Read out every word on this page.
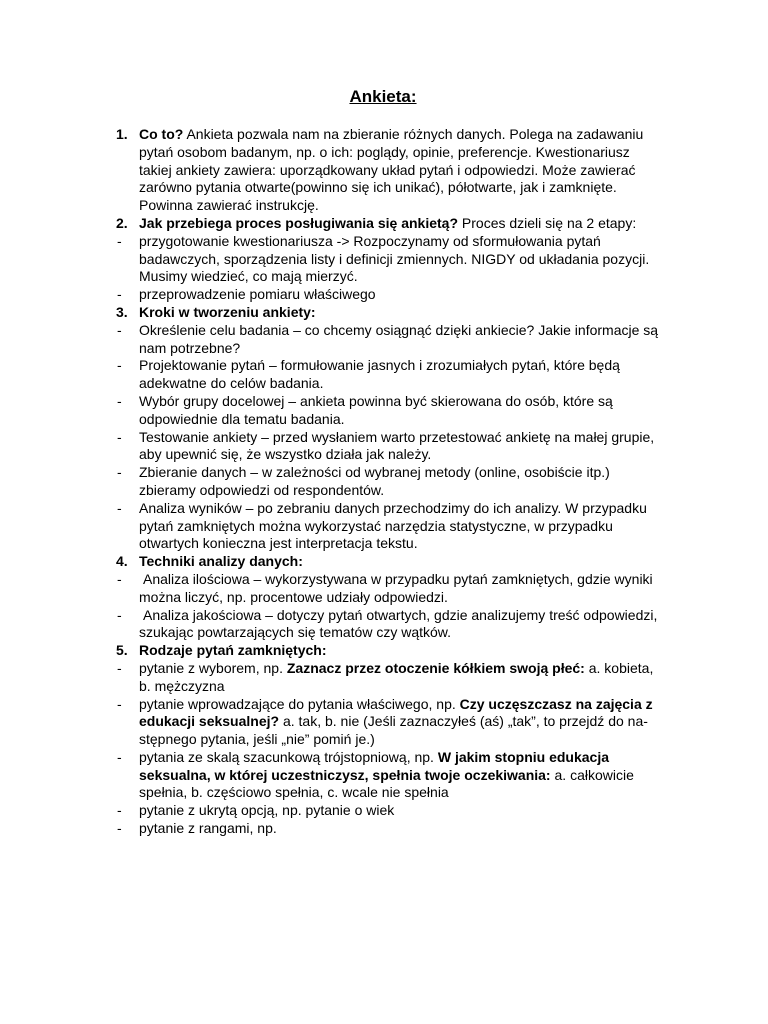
Ankieta:
1. Co to? Ankieta pozwala nam na zbieranie różnych danych. Polega na zadawaniu pytań osobom badanym, np. o ich: poglądy, opinie, preferencje. Kwestionariusz takiej ankiety zawiera: uporządkowany układ pytań i odpowiedzi. Może zawierać zarówno pytania otwarte(powinno się ich unikać), półotwarte, jak i zamknięte. Powinna zawierać instrukcję.
2. Jak przebiega proces posługiwania się ankietą? Proces dzieli się na 2 etapy:
- przygotowanie kwestionariusza -> Rozpoczynamy od sformułowania pytań badawczych, sporządzenia listy i definicji zmiennych. NIGDY od układania pozycji. Musimy wiedzieć, co mają mierzyć.
- przeprowadzenie pomiaru właściwego
3. Kroki w tworzeniu ankiety:
- Określenie celu badania – co chcemy osiągnąć dzięki ankiecie? Jakie informacje są nam potrzebne?
- Projektowanie pytań – formułowanie jasnych i zrozumiałych pytań, które będą adekwatne do celów badania.
- Wybór grupy docelowej – ankieta powinna być skierowana do osób, które są odpowiednie dla tematu badania.
- Testowanie ankiety – przed wysłaniem warto przetestować ankietę na małej grupie, aby upewnić się, że wszystko działa jak należy.
- Zbieranie danych – w zależności od wybranej metody (online, osobiście itp.) zbieramy odpowiedzi od respondentów.
- Analiza wyników – po zebraniu danych przechodzimy do ich analizy. W przypadku pytań zamkniętych można wykorzystać narzędzia statystyczne, w przypadku otwartych konieczna jest interpretacja tekstu.
4. Techniki analizy danych:
- Analiza ilościowa – wykorzystywana w przypadku pytań zamkniętych, gdzie wyniki można liczyć, np. procentowe udziały odpowiedzi.
- Analiza jakościowa – dotyczy pytań otwartych, gdzie analizujemy treść odpowiedzi, szukając powtarzających się tematów czy wątków.
5. Rodzaje pytań zamkniętych:
- pytanie z wyborem, np. Zaznacz przez otoczenie kółkiem swoją płeć: a. kobieta, b. mężczyzna
- pytanie wprowadzające do pytania właściwego, np. Czy uczęszczasz na zajęcia z edukacji seksualnej? a. tak, b. nie (Jeśli zaznaczyłeś (aś) „tak”, to przejdź do na-stępnego pytania, jeśli „nie” pomiń je.)
- pytania ze skalą szacunkową trójstopniową, np. W jakim stopniu edukacja seksualna, w której uczestniczysz, spełnia twoje oczekiwania: a. całkowicie spełnia, b. częściowo spełnia, c. wcale nie spełnia
- pytanie z ukrytą opcją, np. pytanie o wiek
- pytanie z rangami, np.
